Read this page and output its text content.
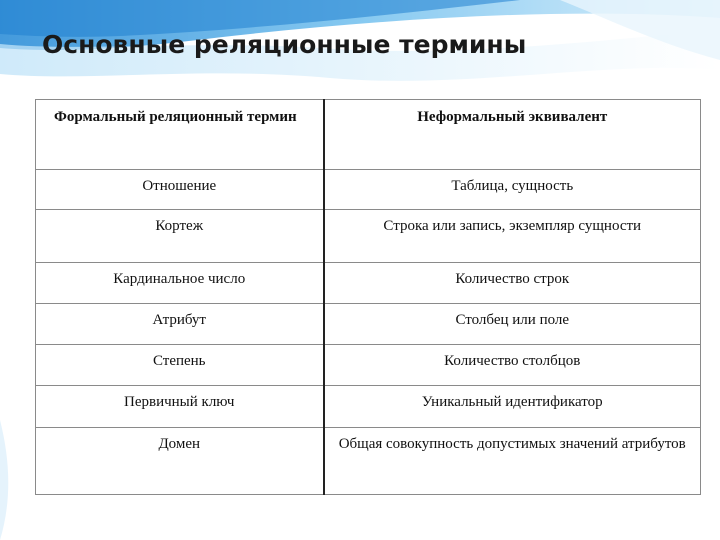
Основные реляционные термины
Формальный реляционный термин	Неформальный эквивалент
Отношение	Таблица, сущность
Кортеж	Строка или запись, экземпляр сущности
Кардинальное число	Количество строк
Атрибут	Столбец или поле
Степень	Количество столбцов
Первичный ключ	Уникальный идентификатор
Домен	Общая совокупность допустимых значений атрибутов
